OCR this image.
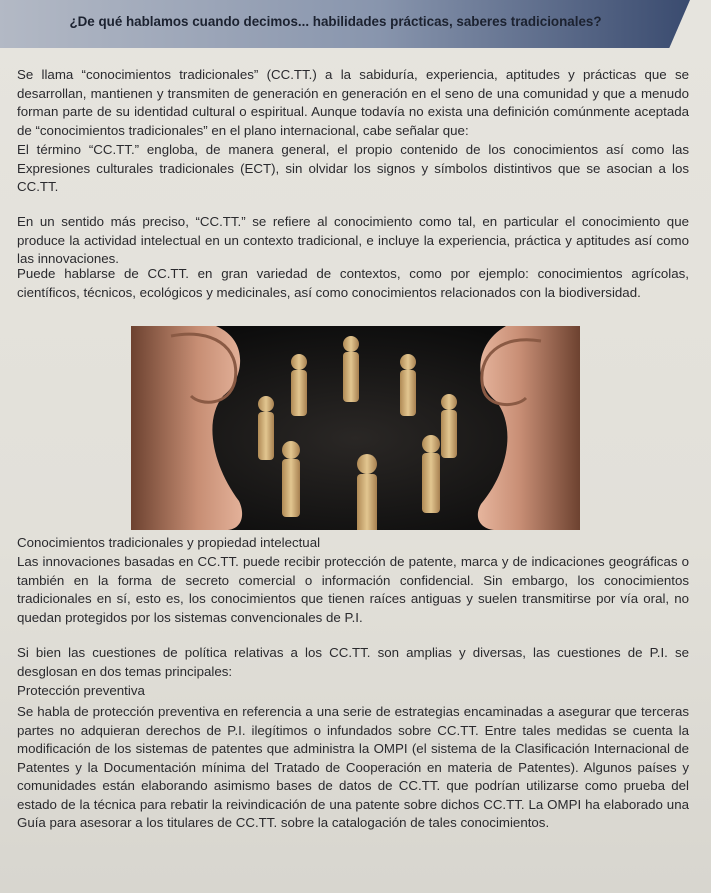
¿De qué hablamos cuando decimos... habilidades prácticas, saberes tradicionales?
Se llama “conocimientos tradicionales” (CC.TT.) a la sabiduría, experiencia, aptitudes y prácticas que se desarrollan, mantienen y transmiten de generación en generación en el seno de una comunidad y que a menudo forman parte de su identidad cultural o espiritual. Aunque todavía no exista una definición comúnmente aceptada de “conocimientos tradicionales” en el plano internacional, cabe señalar que:
El término “CC.TT.” engloba, de manera general, el propio contenido de los conocimientos así como las Expresiones culturales tradicionales (ECT), sin olvidar los signos y símbolos distintivos que se asocian a los CC.TT.
En un sentido más preciso, “CC.TT.” se refiere al conocimiento como tal, en particular el conocimiento que produce la actividad intelectual en un contexto tradicional, e incluye la experiencia, práctica y aptitudes así como las innovaciones.
Puede hablarse de CC.TT. en gran variedad de contextos, como por ejemplo: conocimientos agrícolas, científicos, técnicos, ecológicos y medicinales, así como conocimientos relacionados con la biodiversidad.
Conocimientos tradicionales y propiedad intelectual
Las innovaciones basadas en CC.TT. puede recibir protección de patente, marca y de indicaciones geográficas o también en la forma de secreto comercial o información confidencial. Sin embargo, los conocimientos tradicionales en sí, esto es, los conocimientos que tienen raíces antiguas y suelen transmitirse por vía oral, no quedan protegidos por los sistemas convencionales de P.I.
Si bien las cuestiones de política relativas a los CC.TT. son amplias y diversas, las cuestiones de P.I. se desglosan en dos temas principales:
Protección preventiva
Se habla de protección preventiva en referencia a una serie de estrategias encaminadas a asegurar que terceras partes no adquieran derechos de P.I. ilegítimos o infundados sobre CC.TT. Entre tales medidas se cuenta la modificación de los sistemas de patentes que administra la OMPI (el sistema de la Clasificación Internacional de Patentes y la Documentación mínima del Tratado de Cooperación en materia de Patentes). Algunos países y comunidades están elaborando asimismo bases de datos de CC.TT. que podrían utilizarse como prueba del estado de la técnica para rebatir la reivindicación de una patente sobre dichos CC.TT. La OMPI ha elaborado una Guía para asesorar a los titulares de CC.TT. sobre la catalogación de tales conocimientos.
